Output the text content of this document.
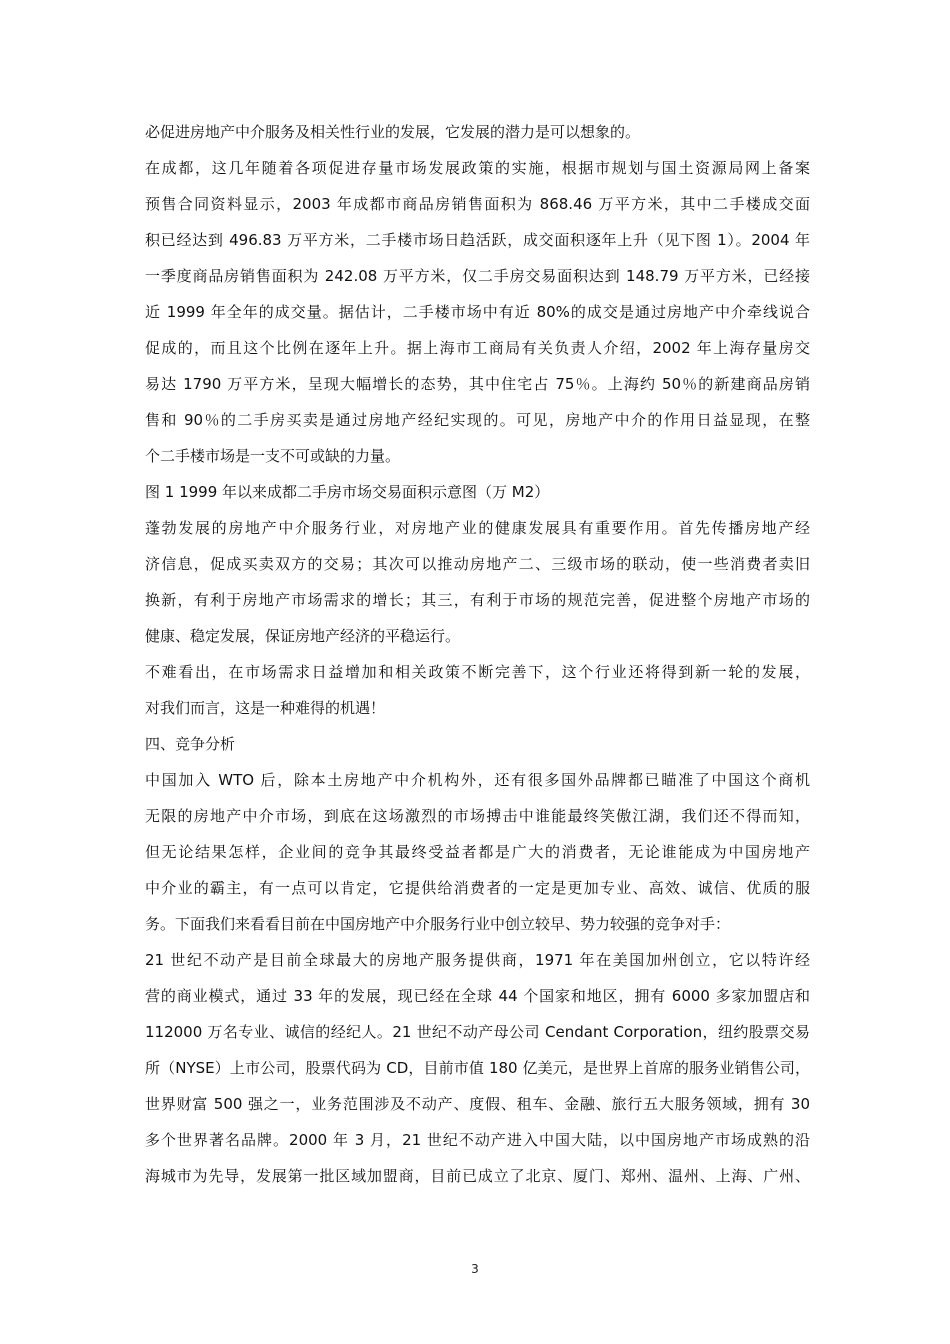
必促进房地产中介服务及相关性行业的发展，它发展的潜力是可以想象的。
在成都，这几年随着各项促进存量市场发展政策的实施，根据市规划与国土资源局网上备案
预售合同资料显示，2003 年成都市商品房销售面积为 868.46 万平方米，其中二手楼成交面
积已经达到 496.83 万平方米，二手楼市场日趋活跃，成交面积逐年上升（见下图 1）。2004 年
一季度商品房销售面积为 242.08 万平方米，仅二手房交易面积达到 148.79 万平方米，已经接
近 1999 年全年的成交量。据估计，二手楼市场中有近 80%的成交是通过房地产中介牵线说合
促成的，而且这个比例在逐年上升。据上海市工商局有关负责人介绍，2002 年上海存量房交
易达 1790 万平方米，呈现大幅增长的态势，其中住宅占 75％。上海约 50％的新建商品房销
售和 90％的二手房买卖是通过房地产经纪实现的。可见，房地产中介的作用日益显现，在整
个二手楼市场是一支不可或缺的力量。
图 1 1999 年以来成都二手房市场交易面积示意图（万 M2）
蓬勃发展的房地产中介服务行业，对房地产业的健康发展具有重要作用。首先传播房地产经
济信息，促成买卖双方的交易；其次可以推动房地产二、三级市场的联动，使一些消费者卖旧
换新，有利于房地产市场需求的增长；其三，有利于市场的规范完善，促进整个房地产市场的
健康、稳定发展，保证房地产经济的平稳运行。
不难看出，在市场需求日益增加和相关政策不断完善下，这个行业还将得到新一轮的发展，
对我们而言，这是一种难得的机遇！
四、竞争分析
中国加入 WTO 后，除本土房地产中介机构外，还有很多国外品牌都已瞄准了中国这个商机
无限的房地产中介市场，到底在这场激烈的市场搏击中谁能最终笑傲江湖，我们还不得而知，
但无论结果怎样，企业间的竞争其最终受益者都是广大的消费者，无论谁能成为中国房地产
中介业的霸主，有一点可以肯定，它提供给消费者的一定是更加专业、高效、诚信、优质的服
务。下面我们来看看目前在中国房地产中介服务行业中创立较早、势力较强的竞争对手：
21 世纪不动产是目前全球最大的房地产服务提供商，1971 年在美国加州创立，它以特许经
营的商业模式，通过 33 年的发展，现已经在全球 44 个国家和地区，拥有 6000 多家加盟店和
112000 万名专业、诚信的经纪人。21 世纪不动产母公司 Cendant Corporation，纽约股票交易
所（NYSE）上市公司，股票代码为 CD，目前市值 180 亿美元，是世界上首席的服务业销售公司，
世界财富 500 强之一，业务范围涉及不动产、度假、租车、金融、旅行五大服务领域，拥有 30
多个世界著名品牌。2000 年 3 月，21 世纪不动产进入中国大陆，以中国房地产市场成熟的沿
海城市为先导，发展第一批区域加盟商，目前已成立了北京、厦门、郑州、温州、上海、广州、
3
